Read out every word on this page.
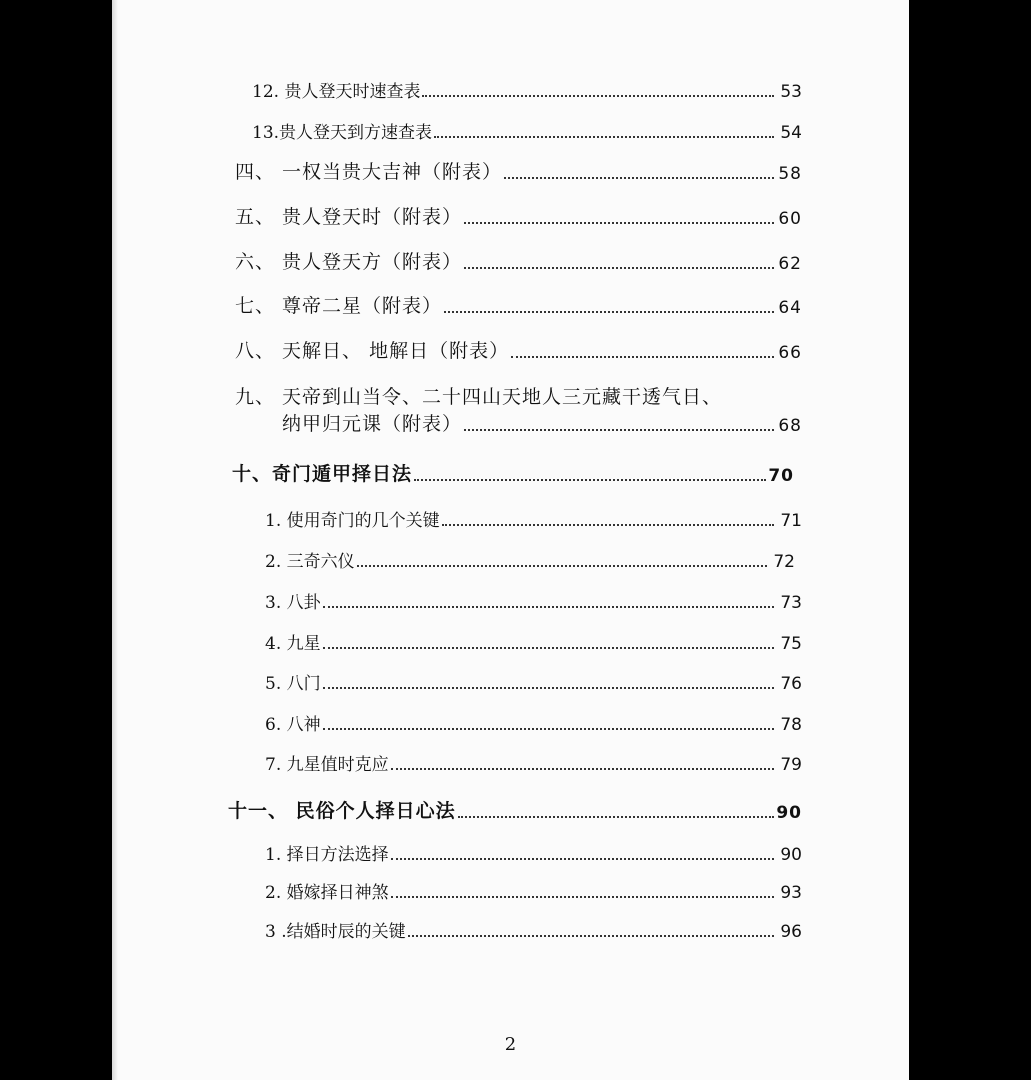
12. 贵人登天时速查表	53
13.贵人登天到方速查表	54
四、 一权当贵大吉神（附表）	58
五、 贵人登天时（附表）	60
六、 贵人登天方（附表）	62
七、 尊帝二星（附表）	64
八、 天解日、 地解日（附表）	66
九、 天帝到山当令、二十四山天地人三元藏干透气日、
纳甲归元课（附表）	68
十、奇门遁甲择日法	70
1. 使用奇门的几个关键	71
2. 三奇六仪	72
3. 八卦	73
4. 九星	75
5. 八门	76
6. 八神	78
7. 九星值时克应	79
十一、 民俗个人择日心法	90
1. 择日方法选择	90
2. 婚嫁择日神煞	93
3 .结婚时辰的关键	96
2
